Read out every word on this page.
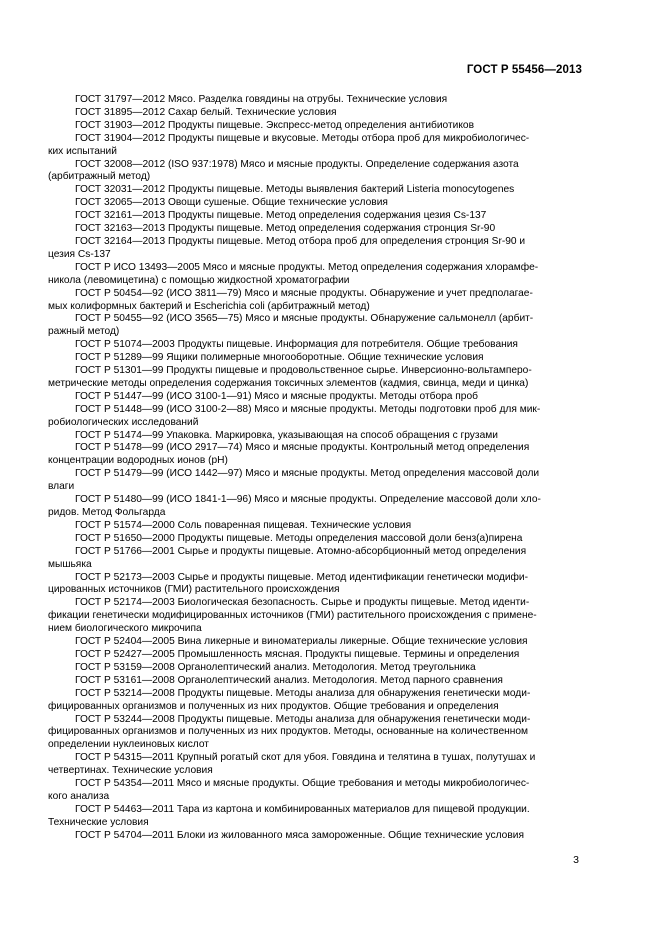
ГОСТ Р 55456—2013
ГОСТ 31797—2012 Мясо. Разделка говядины на отрубы. Технические условия
ГОСТ 31895—2012 Сахар белый. Технические условия
ГОСТ 31903—2012 Продукты пищевые. Экспресс-метод определения антибиотиков
ГОСТ 31904—2012 Продукты пищевые и вкусовые. Методы отбора проб для микробиологичес-
ких испытаний
ГОСТ 32008—2012 (ISO 937:1978) Мясо и мясные продукты. Определение содержания азота
(арбитражный метод)
ГОСТ 32031—2012 Продукты пищевые. Методы выявления бактерий Listeria monocytogenes
ГОСТ 32065—2013 Овощи сушеные. Общие технические условия
ГОСТ 32161—2013 Продукты пищевые. Метод определения содержания цезия Cs-137
ГОСТ 32163—2013 Продукты пищевые. Метод определения содержания стронция Sr-90
ГОСТ 32164—2013 Продукты пищевые. Метод отбора проб для определения стронция Sr-90 и
цезия Cs-137
ГОСТ Р ИСО 13493—2005 Мясо и мясные продукты. Метод определения содержания хлорамфе-
никола (левомицетина) с помощью жидкостной хроматографии
ГОСТ Р 50454—92 (ИСО 3811—79) Мясо и мясные продукты. Обнаружение и учет предполагае-
мых колиформных бактерий и Escherichia coli (арбитражный метод)
ГОСТ Р 50455—92 (ИСО 3565—75) Мясо и мясные продукты. Обнаружение сальмонелл (арбит-
ражный метод)
ГОСТ Р 51074—2003 Продукты пищевые. Информация для потребителя. Общие требования
ГОСТ Р 51289—99 Ящики полимерные многооборотные. Общие технические условия
ГОСТ Р 51301—99 Продукты пищевые и продовольственное сырье. Инверсионно-вольтамперо-
метрические методы определения содержания токсичных элементов (кадмия, свинца, меди и цинка)
ГОСТ Р 51447—99 (ИСО 3100-1—91) Мясо и мясные продукты. Методы отбора проб
ГОСТ Р 51448—99 (ИСО 3100-2—88) Мясо и мясные продукты. Методы подготовки проб для мик-
робиологических исследований
ГОСТ Р 51474—99 Упаковка. Маркировка, указывающая на способ обращения с грузами
ГОСТ Р 51478—99 (ИСО 2917—74) Мясо и мясные продукты. Контрольный метод определения
концентрации водородных ионов (pH)
ГОСТ Р 51479—99 (ИСО 1442—97) Мясо и мясные продукты. Метод определения массовой доли
влаги
ГОСТ Р 51480—99 (ИСО 1841-1—96) Мясо и мясные продукты. Определение массовой доли хло-
ридов. Метод Фольгарда
ГОСТ Р 51574—2000 Соль поваренная пищевая. Технические условия
ГОСТ Р 51650—2000 Продукты пищевые. Методы определения массовой доли бенз(а)пирена
ГОСТ Р 51766—2001 Сырье и продукты пищевые. Атомно-абсорбционный метод определения
мышьяка
ГОСТ Р 52173—2003 Сырье и продукты пищевые. Метод идентификации генетически модифи-
цированных источников (ГМИ) растительного происхождения
ГОСТ Р 52174—2003 Биологическая безопасность. Сырье и продукты пищевые. Метод иденти-
фикации генетически модифицированных источников (ГМИ) растительного происхождения с примене-
нием биологического микрочипа
ГОСТ Р 52404—2005 Вина ликерные и виноматериалы ликерные. Общие технические условия
ГОСТ Р 52427—2005 Промышленность мясная. Продукты пищевые. Термины и определения
ГОСТ Р 53159—2008 Органолептический анализ. Методология. Метод треугольника
ГОСТ Р 53161—2008 Органолептический анализ. Методология. Метод парного сравнения
ГОСТ Р 53214—2008 Продукты пищевые. Методы анализа для обнаружения генетически моди-
фицированных организмов и полученных из них продуктов. Общие требования и определения
ГОСТ Р 53244—2008 Продукты пищевые. Методы анализа для обнаружения генетически моди-
фицированных организмов и полученных из них продуктов. Методы, основанные на количественном
определении нуклеиновых кислот
ГОСТ Р 54315—2011 Крупный рогатый скот для убоя. Говядина и телятина в тушах, полутушах и
четвертинах. Технические условия
ГОСТ Р 54354—2011 Мясо и мясные продукты. Общие требования и методы микробиологичес-
кого анализа
ГОСТ Р 54463—2011 Тара из картона и комбинированных материалов для пищевой продукции.
Технические условия
ГОСТ Р 54704—2011 Блоки из жилованного мяса замороженные. Общие технические условия
3
